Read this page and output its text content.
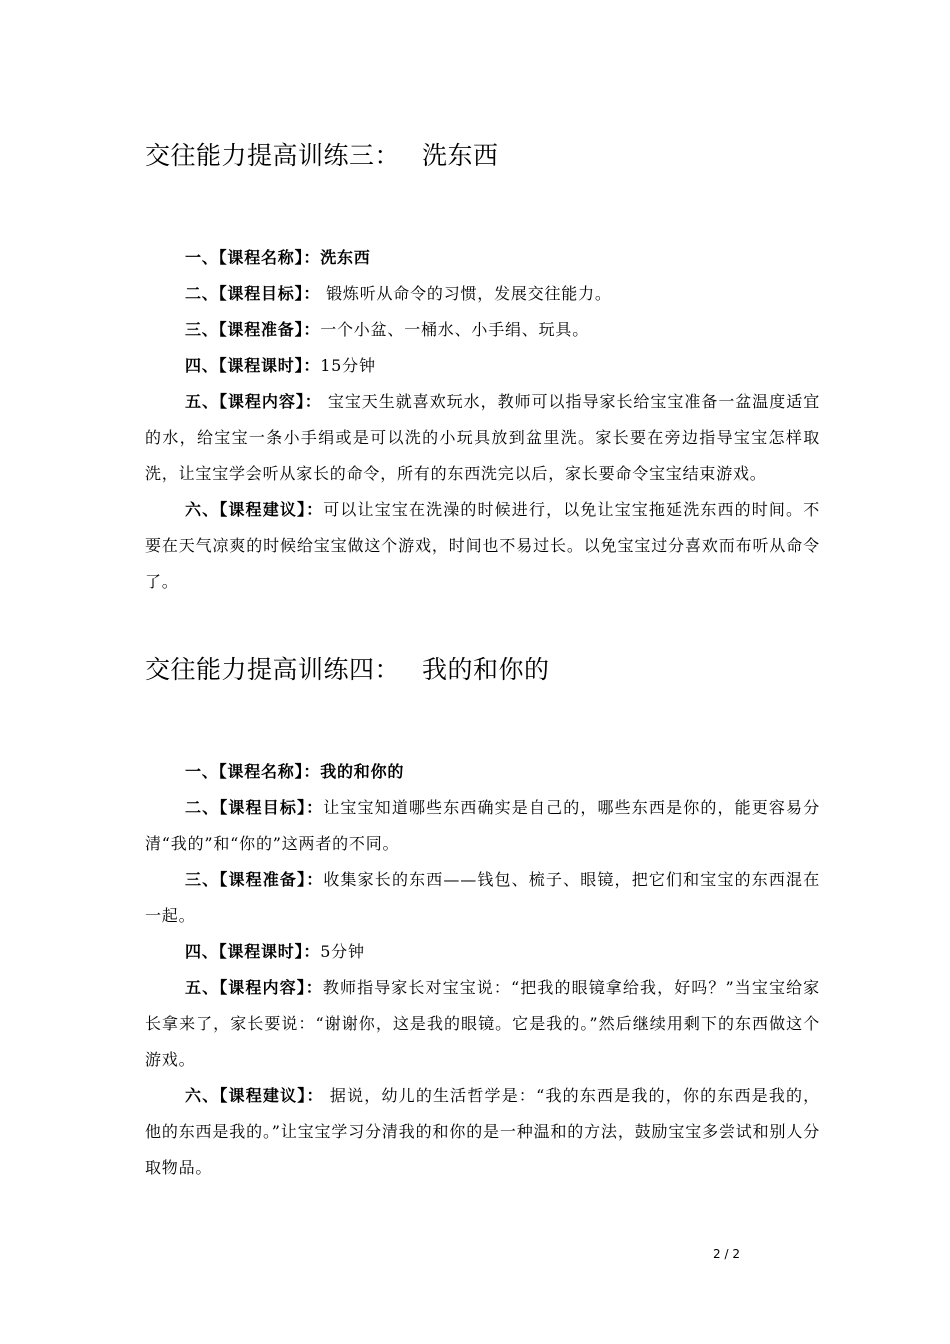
交往能力提高训练三： 洗东西

一、【课程名称】：洗东西

二、【课程目标】： 锻炼听从命令的习惯，发展交往能力。

三、【课程准备】：一个小盆、一桶水、小手绢、玩具。

四、【课程课时】：15分钟

五、【课程内容】： 宝宝天生就喜欢玩水，教师可以指导家长给宝宝准备一盆温度适宜的水，给宝宝一条小手绢或是可以洗的小玩具放到盆里洗。家长要在旁边指导宝宝怎样取洗，让宝宝学会听从家长的命令，所有的东西洗完以后，家长要命令宝宝结束游戏。

六、【课程建议】：可以让宝宝在洗澡的时候进行，以免让宝宝拖延洗东西的时间。不要在天气凉爽的时候给宝宝做这个游戏，时间也不易过长。以免宝宝过分喜欢而布听从命令了。

交往能力提高训练四： 我的和你的

一、【课程名称】：我的和你的

二、【课程目标】：让宝宝知道哪些东西确实是自己的，哪些东西是你的，能更容易分清“我的”和“你的”这两者的不同。

三、【课程准备】：收集家长的东西——钱包、梳子、眼镜，把它们和宝宝的东西混在一起。

四、【课程课时】：5分钟

五、【课程内容】：教师指导家长对宝宝说：“把我的眼镜拿给我，好吗？”当宝宝给家长拿来了，家长要说：“谢谢你，这是我的眼镜。它是我的。”然后继续用剩下的东西做这个游戏。

六、【课程建议】： 据说，幼儿的生活哲学是：“我的东西是我的，你的东西是我的，他的东西是我的。”让宝宝学习分清我的和你的是一种温和的方法，鼓励宝宝多尝试和别人分取物品。

2 / 2
